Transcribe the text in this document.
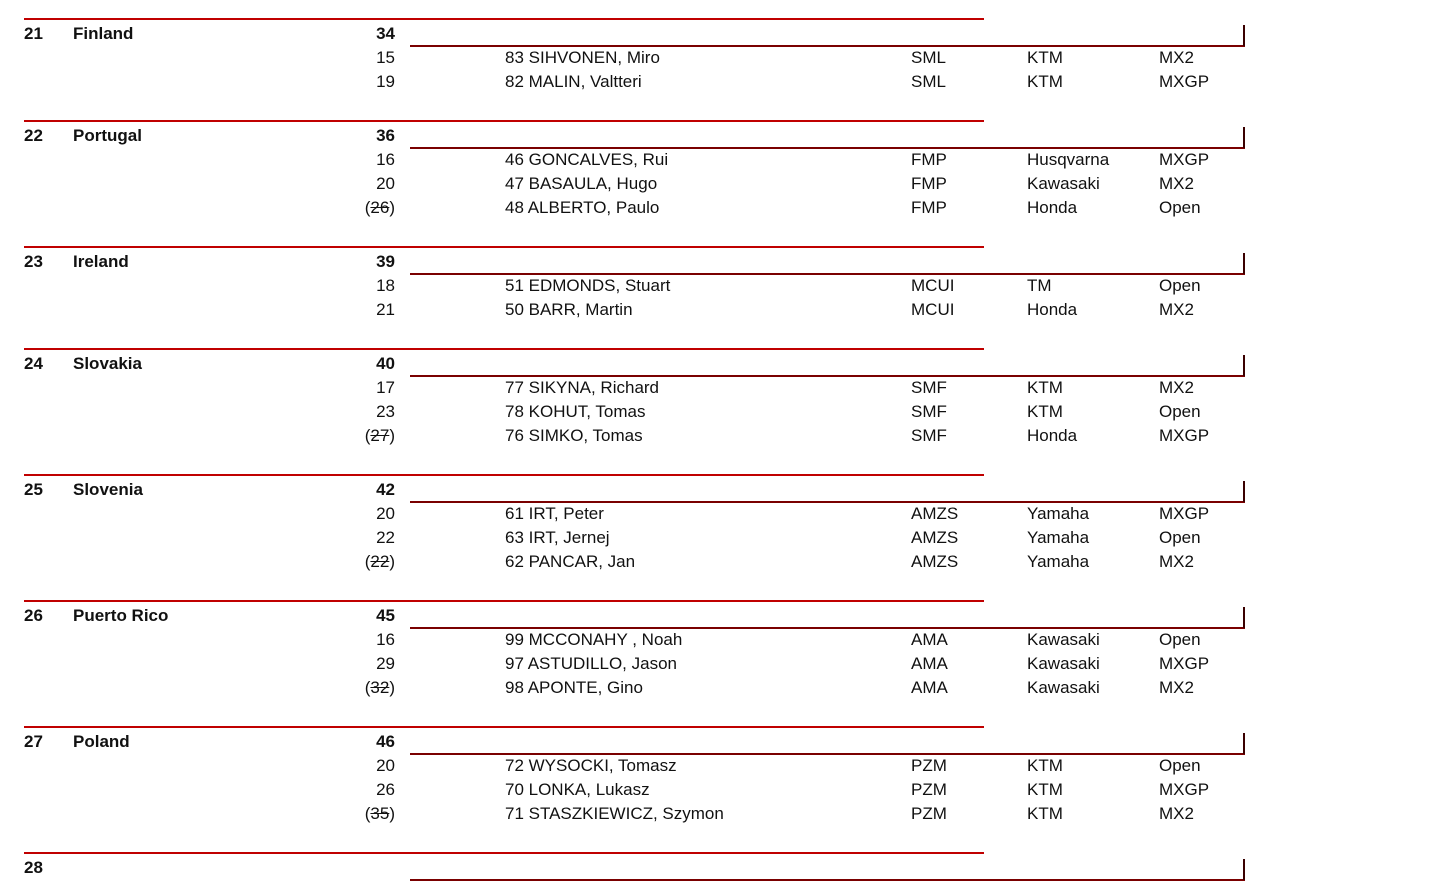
21 Finland	34
15	83 SIHVONEN, Miro	SML	KTM	MX2
19	82 MALIN, Valtteri	SML	KTM	MXGP
22 Portugal	36
16	46 GONCALVES, Rui	FMP	Husqvarna	MXGP
20	47 BASAULA, Hugo	FMP	Kawasaki	MX2
(26)	48 ALBERTO, Paulo	FMP	Honda	Open
23 Ireland	39
18	51 EDMONDS, Stuart	MCUI	TM	Open
21	50 BARR, Martin	MCUI	Honda	MX2
24 Slovakia	40
17	77 SIKYNA, Richard	SMF	KTM	MX2
23	78 KOHUT, Tomas	SMF	KTM	Open
(27)	76 SIMKO, Tomas	SMF	Honda	MXGP
25 Slovenia	42
20	61 IRT, Peter	AMZS	Yamaha	MXGP
22	63 IRT, Jernej	AMZS	Yamaha	Open
(22)	62 PANCAR, Jan	AMZS	Yamaha	MX2
26 Puerto Rico	45
16	99 MCCONAHY , Noah	AMA	Kawasaki	Open
29	97 ASTUDILLO, Jason	AMA	Kawasaki	MXGP
(32)	98 APONTE, Gino	AMA	Kawasaki	MX2
27 Poland	46
20	72 WYSOCKI, Tomasz	PZM	KTM	Open
26	70 LONKA, Lukasz	PZM	KTM	MXGP
(35)	71 STASZKIEWICZ, Szymon	PZM	KTM	MX2
28
